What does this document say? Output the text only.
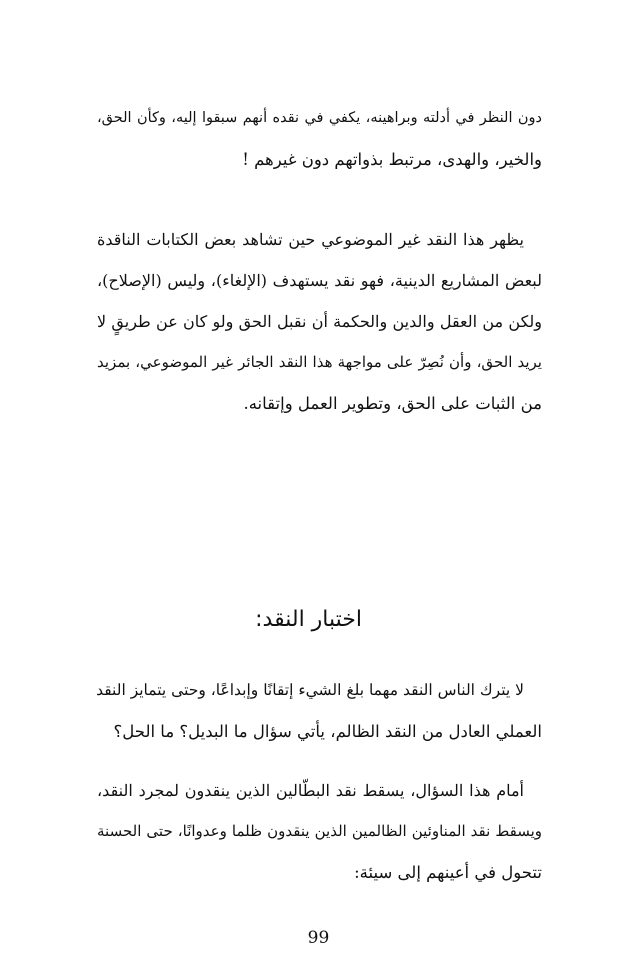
دون النظر في أدلته وبراهينه، يكفي في نقده أنهم سبقوا إليه، وكأن الحق،
والخير، والهدى، مرتبط بذواتهم دون غيرهم !

يظهر هذا النقد غير الموضوعي حين تشاهد بعض الكتابات الناقدة
لبعض المشاريع الدينية، فهو نقد يستهدف (الإلغاء)، وليس (الإصلاح)،
ولكن من العقل والدين والحكمة أن نقبل الحق ولو كان عن طريقٍ لا
يريد الحق، وأن نُصِرّ على مواجهة هذا النقد الجائر غير الموضوعي، بمزيد
من الثبات على الحق، وتطوير العمل وإتقانه.

اختبار النقد:

لا يترك الناس النقد مهما بلغ الشيء إتقانًا وإبداعًا، وحتى يتمايز النقد
العملي العادل من النقد الظالم، يأتي سؤال ما البديل؟ ما الحل؟

أمام هذا السؤال، يسقط نقد البطّالين الذين ينقدون لمجرد النقد،
ويسقط نقد المناوئين الظالمين الذين ينقدون ظلما وعدوانًا، حتى الحسنة
تتحول في أعينهم إلى سيئة:

99
